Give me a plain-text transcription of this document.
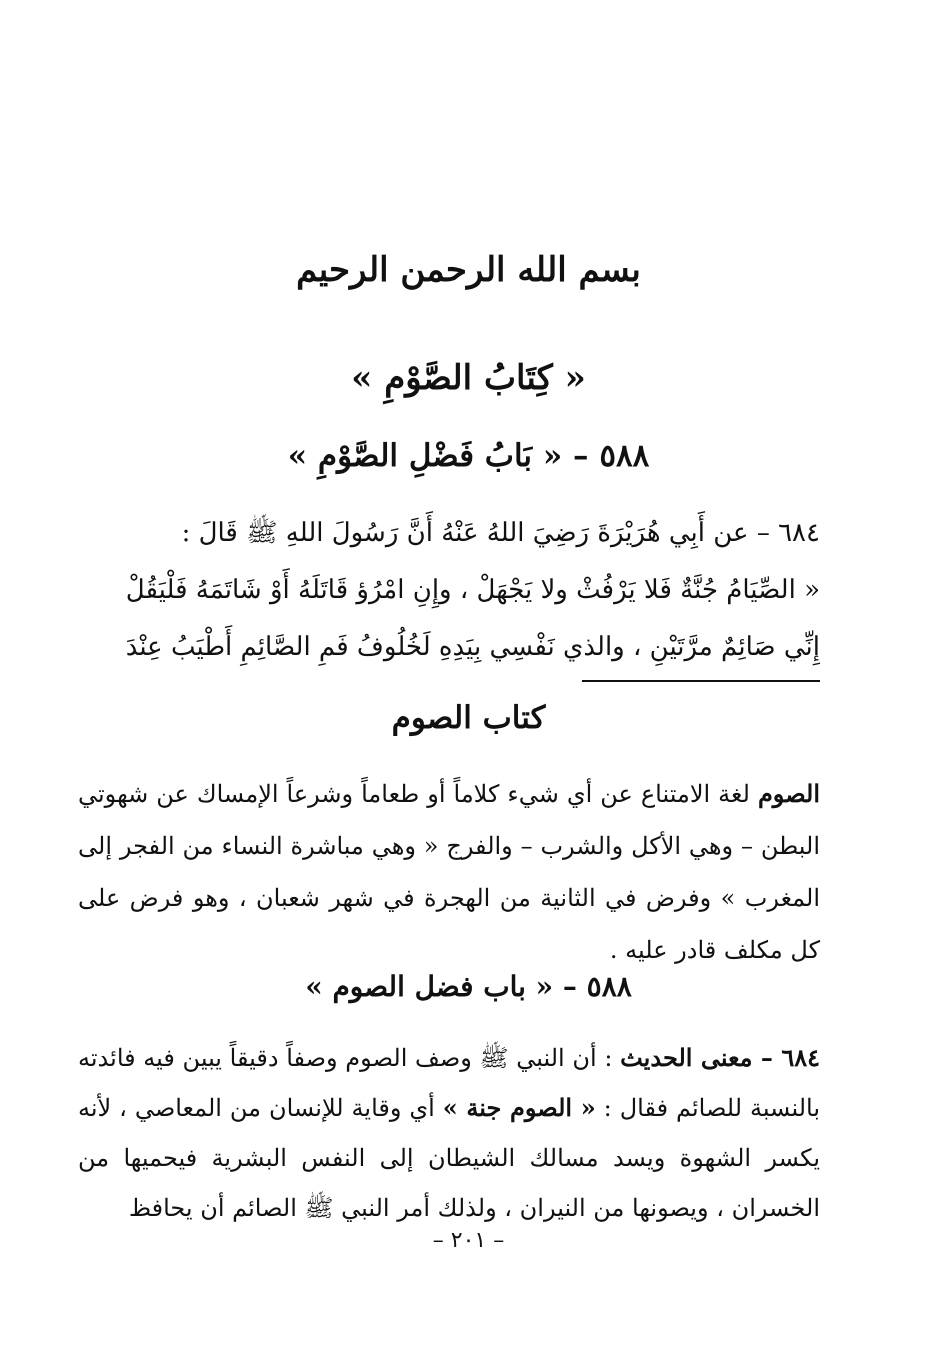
بسم الله الرحمن الرحيم
« كِتَابُ الصَّوْمِ »
٥٨٨ – « بَابُ فَضْلِ الصَّوْمِ »
٦٨٤ – عن أَبِي هُرَيْرَةَ رَضِيَ اللهُ عَنْهُ أَنَّ رَسُولَ اللهِ ﷺ قَالَ :
« الصِّيَامُ جُنَّةٌ فَلا يَرْفُثْ ولا يَجْهَلْ ، وإِنِ امْرُؤ قَاتَلَهُ أَوْ شَاتَمَهُ فَلْيَقُلْ
إِنِّي صَائِمٌ مرَّتَيْنِ ، والذي نَفْسِي بِيَدِهِ لَخُلُوفُ فَمِ الصَّائِمِ أَطْيَبُ عِنْدَ
كتاب الصوم
الصوم لغة الامتناع عن أي شيء كلاماً أو طعاماً وشرعاً الإمساك عن شهوتي البطن – وهي الأكل والشرب – والفرج « وهي مباشرة النساء من الفجر إلى المغرب » وفرض في الثانية من الهجرة في شهر شعبان ، وهو فرض على كل مكلف قادر عليه .
٥٨٨ – « باب فضل الصوم »
٦٨٤ – معنى الحديث : أن النبي ﷺ وصف الصوم وصفاً دقيقاً يبين فيه فائدته بالنسبة للصائم فقال : « الصوم جنة » أي وقاية للإنسان من المعاصي ، لأنه يكسر الشهوة ويسد مسالك الشيطان إلى النفس البشرية فيحميها من الخسران ، ويصونها من النيران ، ولذلك أمر النبي ﷺ الصائم أن يحافظ
– ٢٠١ –
